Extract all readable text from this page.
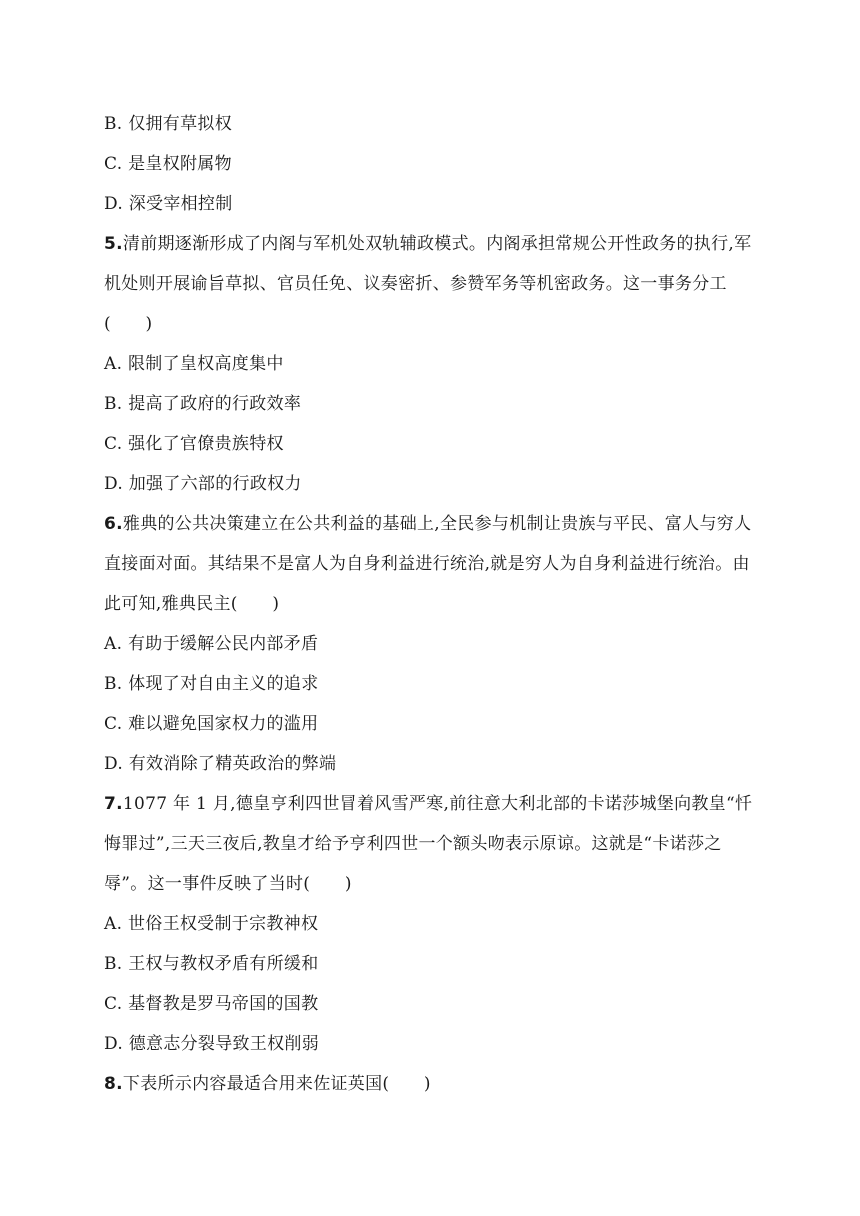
B. 仅拥有草拟权
C. 是皇权附属物
D. 深受宰相控制
5.清前期逐渐形成了内阁与军机处双轨辅政模式。内阁承担常规公开性政务的执行,军
机处则开展谕旨草拟、官员任免、议奏密折、参赞军务等机密政务。这一事务分工
(　　)
A. 限制了皇权高度集中
B. 提高了政府的行政效率
C. 强化了官僚贵族特权
D. 加强了六部的行政权力
6.雅典的公共决策建立在公共利益的基础上,全民参与机制让贵族与平民、富人与穷人
直接面对面。其结果不是富人为自身利益进行统治,就是穷人为自身利益进行统治。由
此可知,雅典民主(　　)
A. 有助于缓解公民内部矛盾
B. 体现了对自由主义的追求
C. 难以避免国家权力的滥用
D. 有效消除了精英政治的弊端
7.1077 年 1 月,德皇亨利四世冒着风雪严寒,前往意大利北部的卡诺莎城堡向教皇“忏
悔罪过”,三天三夜后,教皇才给予亨利四世一个额头吻表示原谅。这就是“卡诺莎之
辱”。这一事件反映了当时(　　)
A. 世俗王权受制于宗教神权
B. 王权与教权矛盾有所缓和
C. 基督教是罗马帝国的国教
D. 德意志分裂导致王权削弱
8.下表所示内容最适合用来佐证英国(　　)
